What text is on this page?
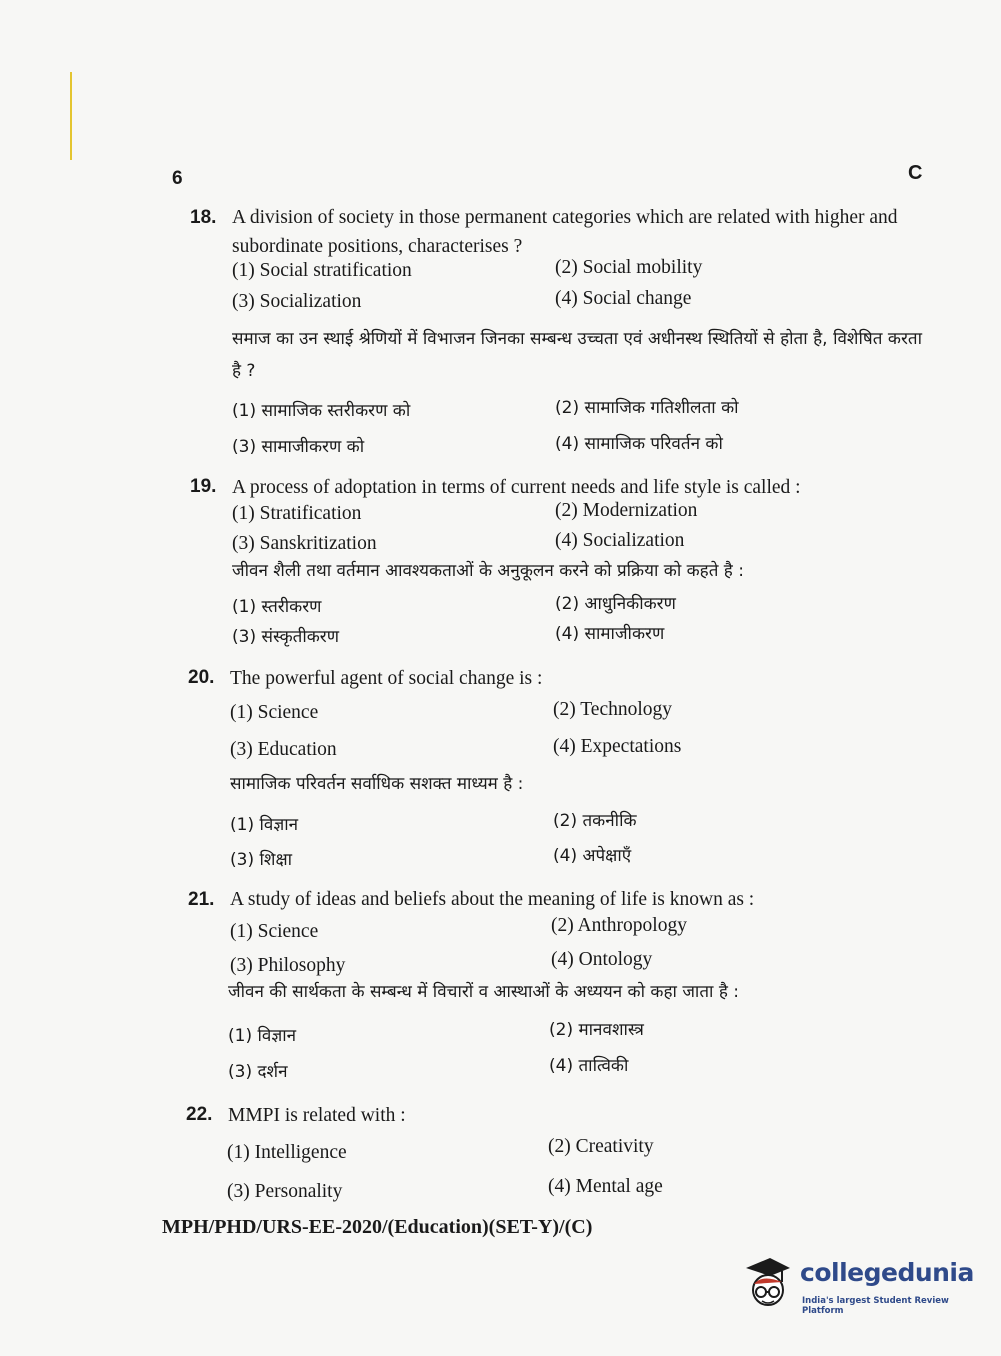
6	C
18. A division of society in those permanent categories which are related with higher and subordinate positions, characterises ?
(1) Social stratification	(2) Social mobility
(3) Socialization	(4) Social change
समाज का उन स्थाई श्रेणियों में विभाजन जिनका सम्बन्ध उच्चता एवं अधीनस्थ स्थितियों से होता है, विशेषित करता है ?
(1) सामाजिक स्तरीकरण को	(2) सामाजिक गतिशीलता को
(3) सामाजीकरण को	(4) सामाजिक परिवर्तन को
19. A process of adoptation in terms of current needs and life style is called :
(1) Stratification	(2) Modernization
(3) Sanskritization	(4) Socialization
जीवन शैली तथा वर्तमान आवश्यकताओं के अनुकूलन करने को प्रक्रिया को कहते है :
(1) स्तरीकरण	(2) आधुनिकीकरण
(3) संस्कृतीकरण	(4) सामाजीकरण
20. The powerful agent of social change is :
(1) Science	(2) Technology
(3) Education	(4) Expectations
सामाजिक परिवर्तन सर्वाधिक सशक्त माध्यम है :
(1) विज्ञान	(2) तकनीकि
(3) शिक्षा	(4) अपेक्षाएँ
21. A study of ideas and beliefs about the meaning of life is known as :
(1) Science	(2) Anthropology
(3) Philosophy	(4) Ontology
जीवन की सार्थकता के सम्बन्ध में विचारों व आस्थाओं के अध्ययन को कहा जाता है :
(1) विज्ञान	(2) मानवशास्त्र
(3) दर्शन	(4) तात्विकी
22. MMPI is related with :
(1) Intelligence	(2) Creativity
(3) Personality	(4) Mental age
MPH/PHD/URS-EE-2020/(Education)(SET-Y)/(C)
collegedunia
India's largest Student Review Platform
